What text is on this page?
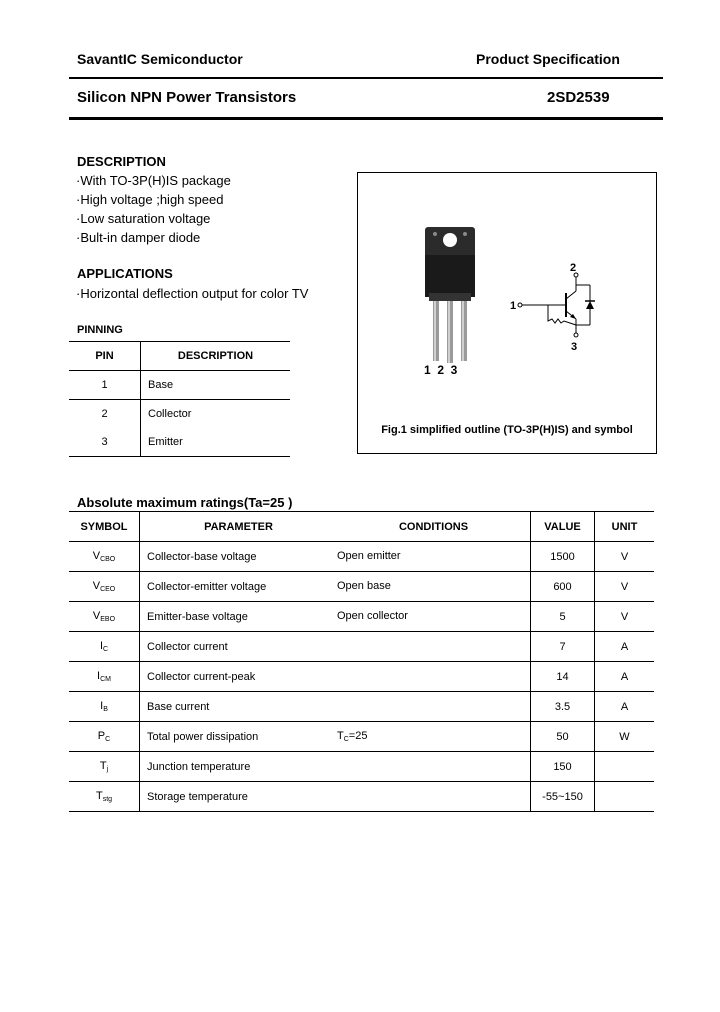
SavantIC Semiconductor	Product Specification
Silicon NPN Power Transistors	2SD2539
DESCRIPTION
·With TO-3P(H)IS package
·High voltage ;high speed
·Low saturation voltage
·Bult-in damper diode
APPLICATIONS
·Horizontal deflection output for color TV
PINNING
PIN	DESCRIPTION
1	Base
2	Collector
3	Emitter
1  2  3
1
2
3
Fig.1 simplified outline (TO-3P(H)IS) and symbol
Absolute maximum ratings(Ta=25 )
SYMBOL	PARAMETER	CONDITIONS	VALUE	UNIT
$V_{CBO}$	Collector-base voltage	Open emitter	1500	V
$V_{CEO}$	Collector-emitter voltage	Open base	600	V
$V_{EBO}$	Emitter-base voltage	Open collector	5	V
$I_C$	Collector current		7	A
$I_{CM}$	Collector current-peak		14	A
$I_B$	Base current		3.5	A
$P_C$	Total power dissipation	$T_C=25$	50	W
$T_j$	Junction temperature		150	
$T_{stg}$	Storage temperature		-55~150	
